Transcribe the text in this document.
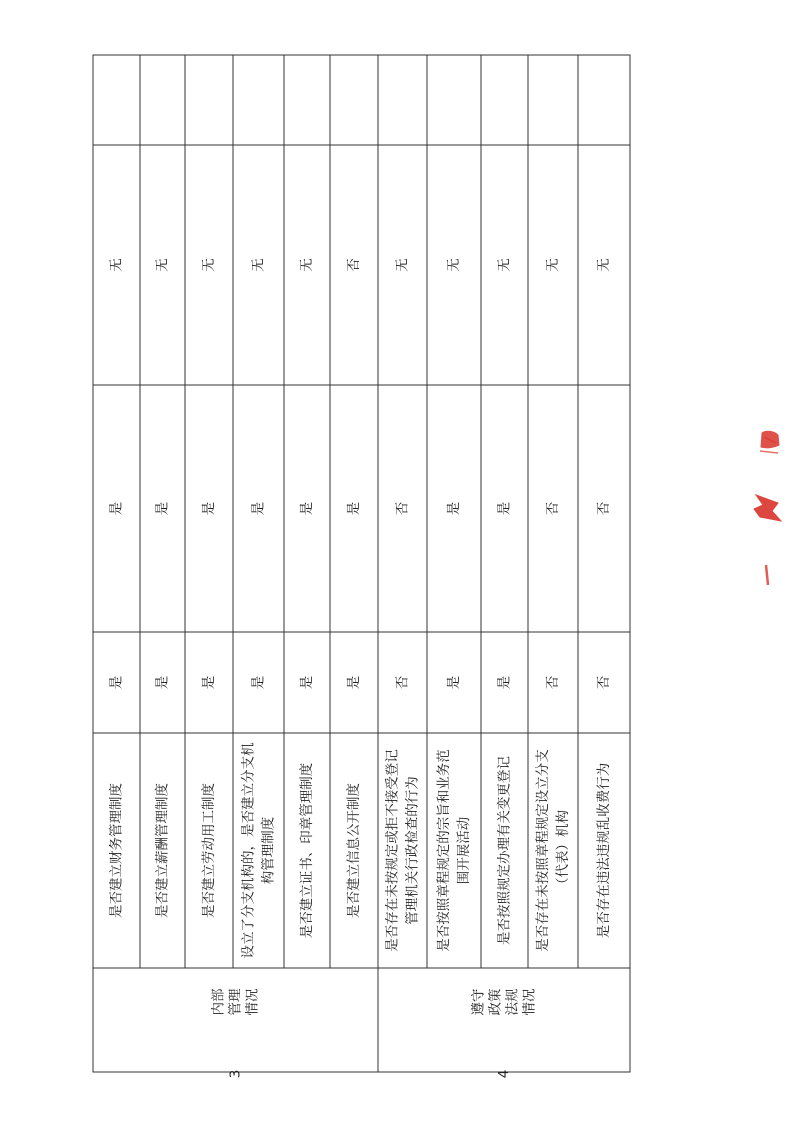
无
是
是
是否建立财务管理制度
无
是
是
是否建立薪酬管理制度
无
是
是
是否建立劳动用工制度
无
是
是
设立了分支机构的，是否建立分支机 构管理制度
无
是
是
是否建立证书、印章管理制度
否
是
是
是否建立信息公开制度
无
否
否
是否存在未按规定或拒不接受登记 管理机关行政检查的行为
无
是
是
是否按照章程规定的宗旨和业务范 围开展活动
无
是
是
是否按照规定办理有关变更登记
无
否
否
是否存在未按照章程规定设立分支 （代表）机构
无
否
否
是否存在违法违规乱收费行为
内部 管理 情况
3
遵守 政策 法规 情况
4
